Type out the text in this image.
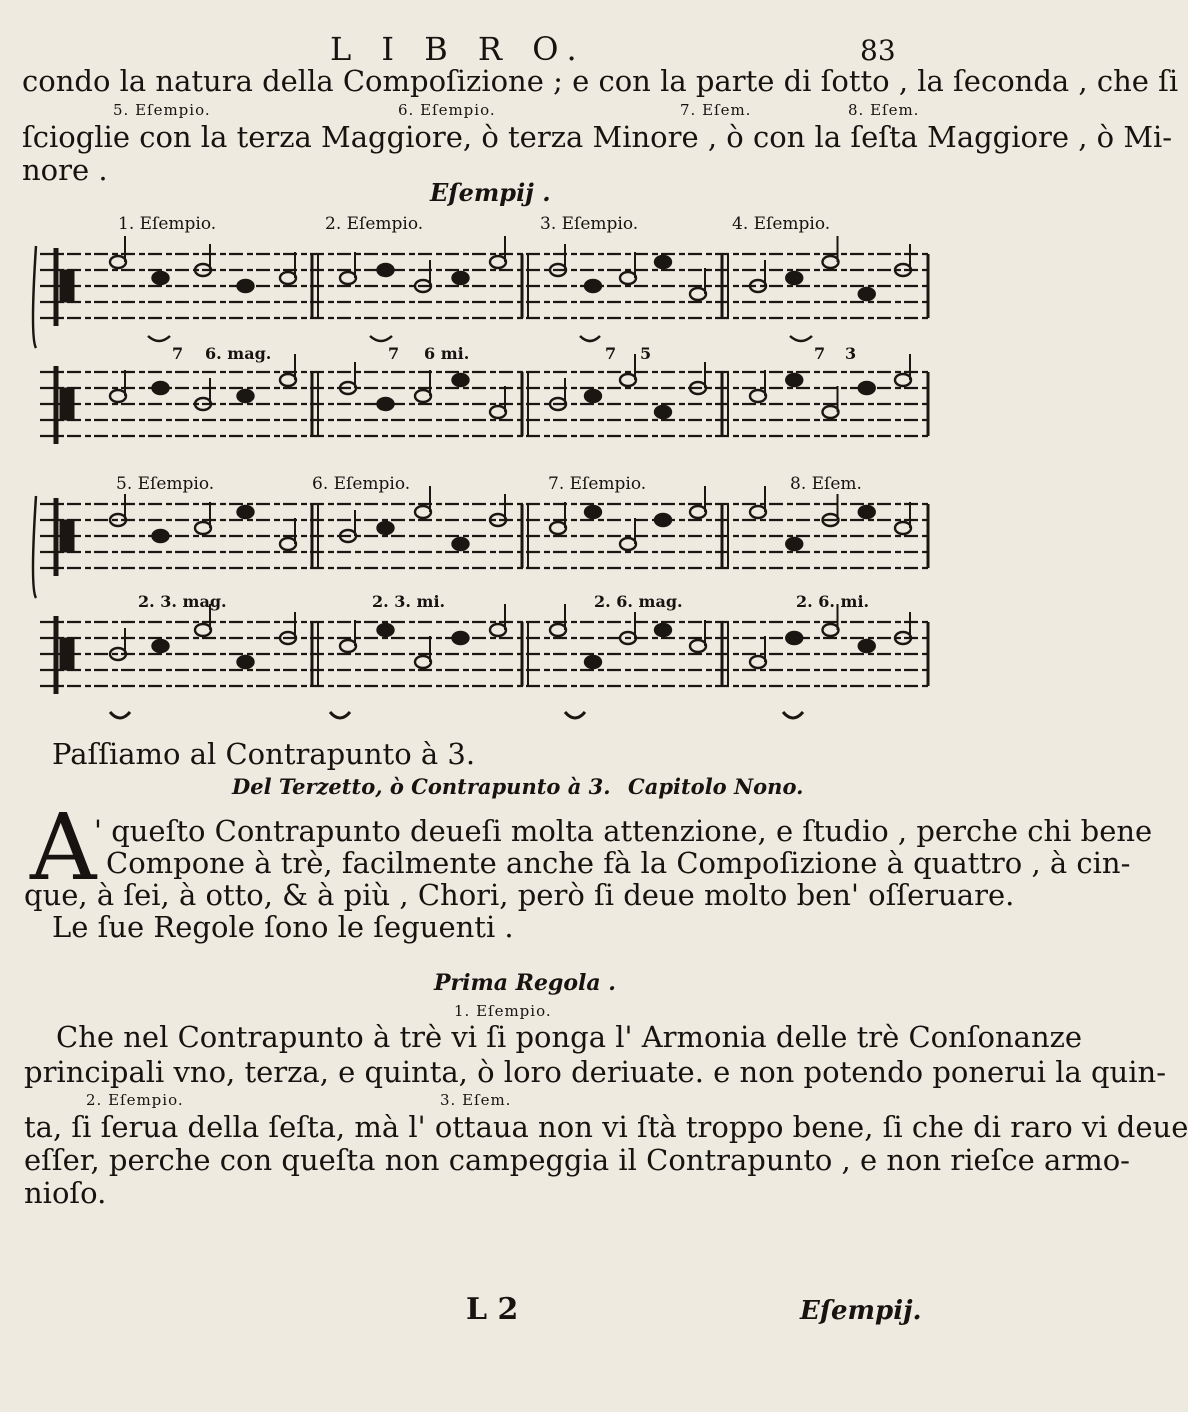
L I B R O.	83
condo la natura della Compoſizione ; e con la parte di ſotto , la ſeconda , che ſi
5. Eſempio.	6. Eſempio.	7. Eſem.	8. Eſem.
ſcioglie con la terza Maggiore, ò terza Minore , ò con la ſeſta Maggiore , ò Mi-
nore .
Eſempij .
1. Eſempio.	2. Eſempio.	3. Eſempio.	4. Eſempio.
7 6. mag.	7 6 mi.	7 5	7 3
5. Eſempio.	6. Eſempio.	7. Eſempio.	8. Eſem.
2. 3. mag.	2. 3. mi.	2. 6. mag.	2. 6. mi.
Paſſiamo al Contrapunto à 3.
Del Terzetto, ò Contrapunto à 3. Capitolo Nono.
A
' queſto Contrapunto deueſi molta attenzione, e ſtudio , perche chi bene
Compone à trè, facilmente anche fà la Compoſizione à quattro , à cin-
que, à ſei, à otto, & à più , Chori, però ſi deue molto ben' oſſeruare.
Le ſue Regole ſono le ſeguenti .
Prima Regola .
1. Eſempio.
Che nel Contrapunto à trè vi ſi ponga l' Armonia delle trè Conſonanze
principali vno, terza, e quinta, ò loro deriuate. e non potendo ponerui la quin-
2. Eſempio.	3. Eſem.
ta, ſi ſerua della ſeſta, mà l' ottaua non vi ſtà troppo bene, ſi che di raro vi deue
eſſer, perche con queſta non campeggia il Contrapunto , e non rieſce armo-
nioſo.
L 2	Eſempij.
